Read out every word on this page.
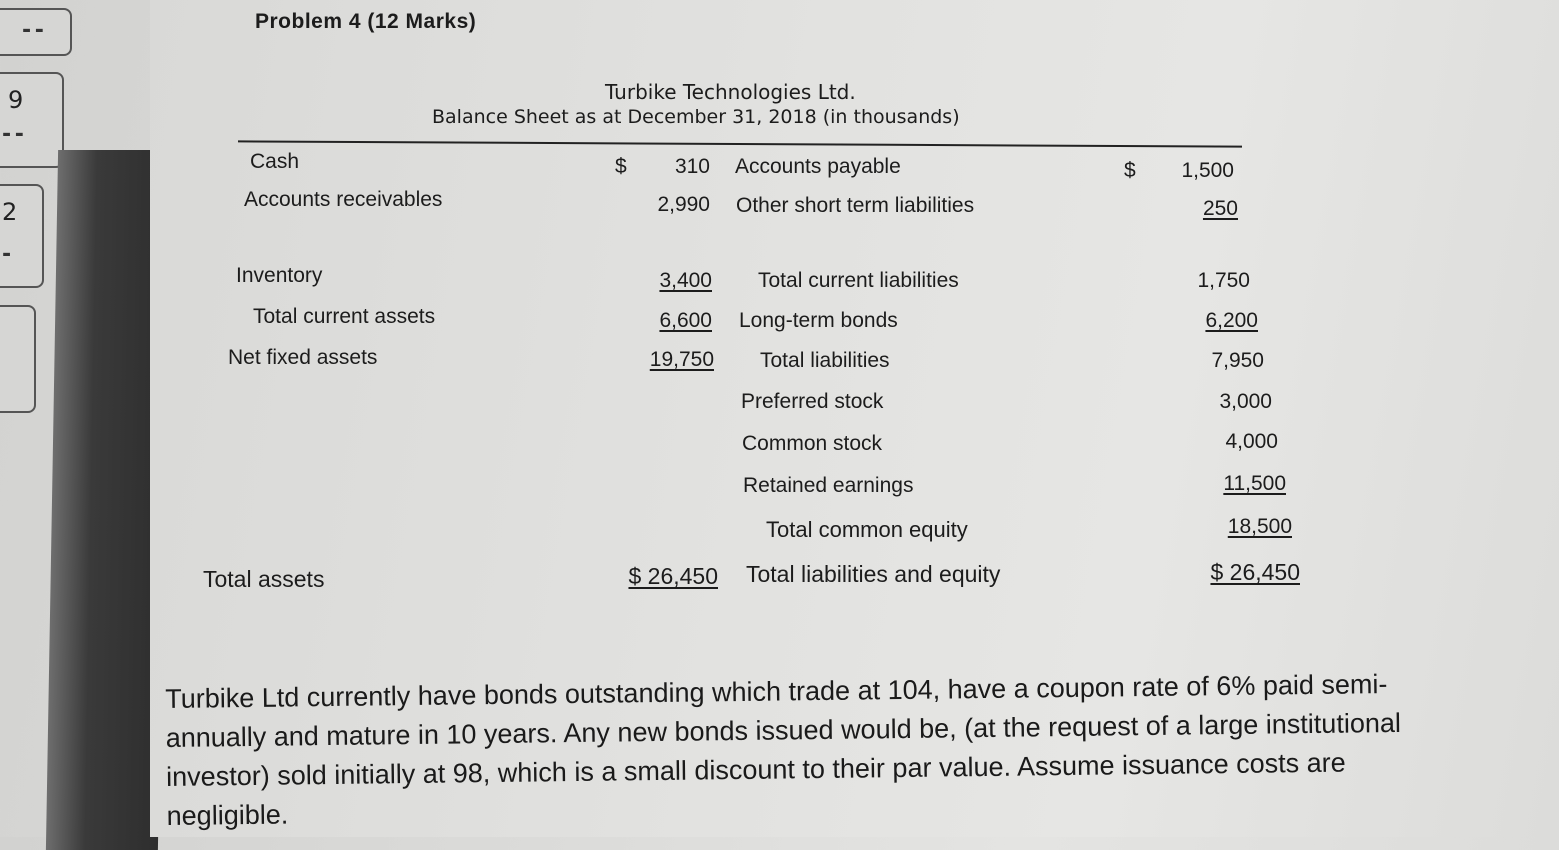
- -
9
- -
2
-
Problem 4 (12 Marks)
Turbike Technologies Ltd.
Balance Sheet as at December 31, 2018 (in thousands)
Cash	$	310
Accounts receivables	2,990
Inventory	3,400
Total current assets	6,600
Net fixed assets	19,750
Total assets	$ 26,450
Accounts payable	$	1,500
Other short term liabilities	250
Total current liabilities	1,750
Long-term bonds	6,200
Total liabilities	7,950
Preferred stock	3,000
Common stock	4,000
Retained earnings	11,500
Total common equity	18,500
Total liabilities and equity	$ 26,450
Turbike Ltd currently have bonds outstanding which trade at 104, have a coupon rate of 6% paid semi-
annually and mature in 10 years. Any new bonds issued would be, (at the request of a large institutional
investor) sold initially at 98, which is a small discount to their par value. Assume issuance costs are
negligible.
